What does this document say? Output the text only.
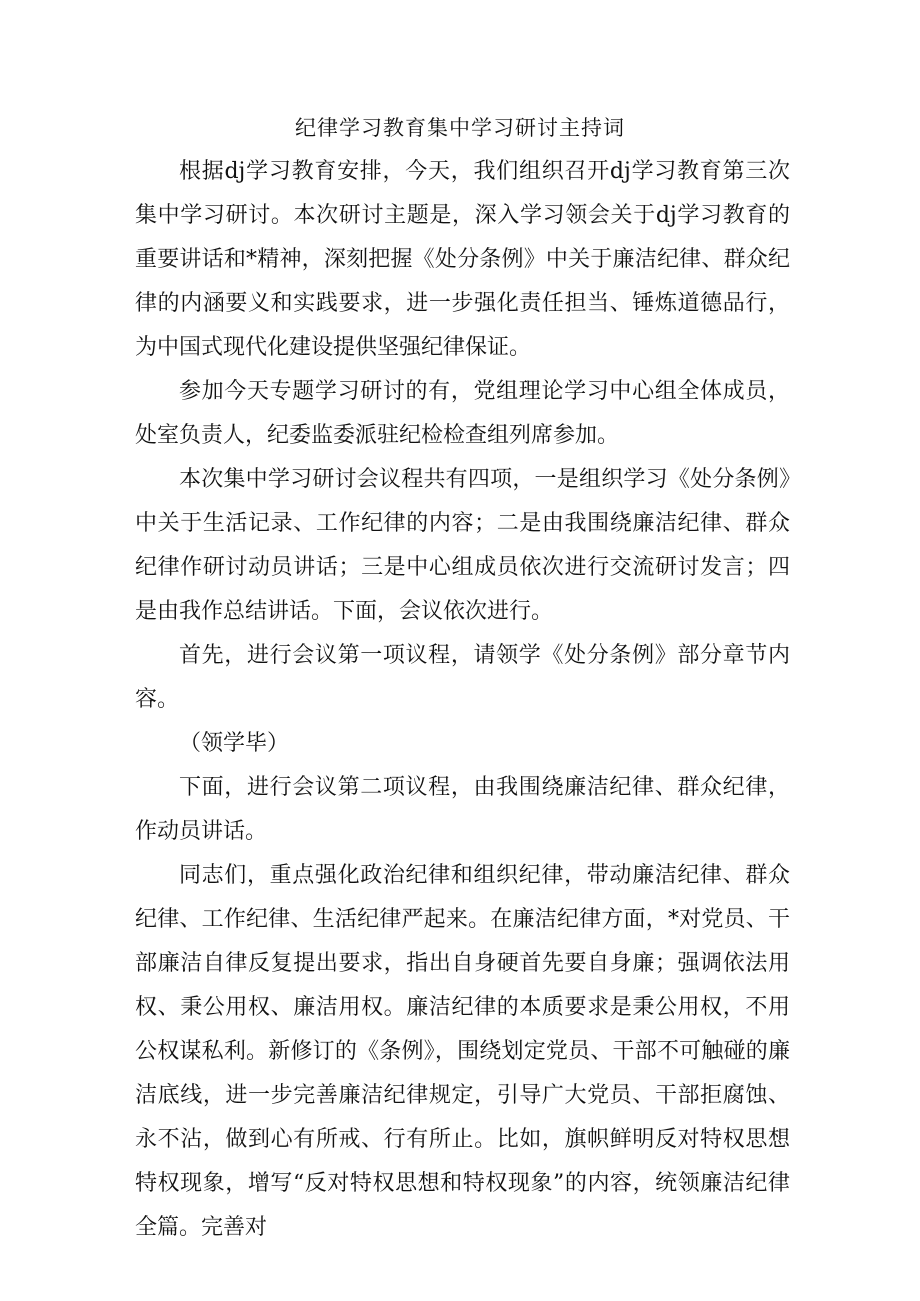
纪律学习教育集中学习研讨主持词

根据dj学习教育安排，今天，我们组织召开dj学习教育第三次集中学习研讨。本次研讨主题是，深入学习领会关于dj学习教育的重要讲话和*精神，深刻把握《处分条例》中关于廉洁纪律、群众纪律的内涵要义和实践要求，进一步强化责任担当、锤炼道德品行，为中国式现代化建设提供坚强纪律保证。

参加今天专题学习研讨的有，党组理论学习中心组全体成员，处室负责人，纪委监委派驻纪检检查组列席参加。

本次集中学习研讨会议程共有四项，一是组织学习《处分条例》中关于生活记录、工作纪律的内容；二是由我围绕廉洁纪律、群众纪律作研讨动员讲话；三是中心组成员依次进行交流研讨发言；四是由我作总结讲话。下面，会议依次进行。

首先，进行会议第一项议程，请领学《处分条例》部分章节内容。

（领学毕）

下面，进行会议第二项议程，由我围绕廉洁纪律、群众纪律，作动员讲话。

同志们，重点强化政治纪律和组织纪律，带动廉洁纪律、群众纪律、工作纪律、生活纪律严起来。在廉洁纪律方面，*对党员、干部廉洁自律反复提出要求，指出自身硬首先要自身廉；强调依法用权、秉公用权、廉洁用权。廉洁纪律的本质要求是秉公用权，不用公权谋私利。新修订的《条例》，围绕划定党员、干部不可触碰的廉洁底线，进一步完善廉洁纪律规定，引导广大党员、干部拒腐蚀、永不沾，做到心有所戒、行有所止。比如，旗帜鲜明反对特权思想特权现象，增写“反对特权思想和特权现象”的内容，统领廉洁纪律全篇。完善对
